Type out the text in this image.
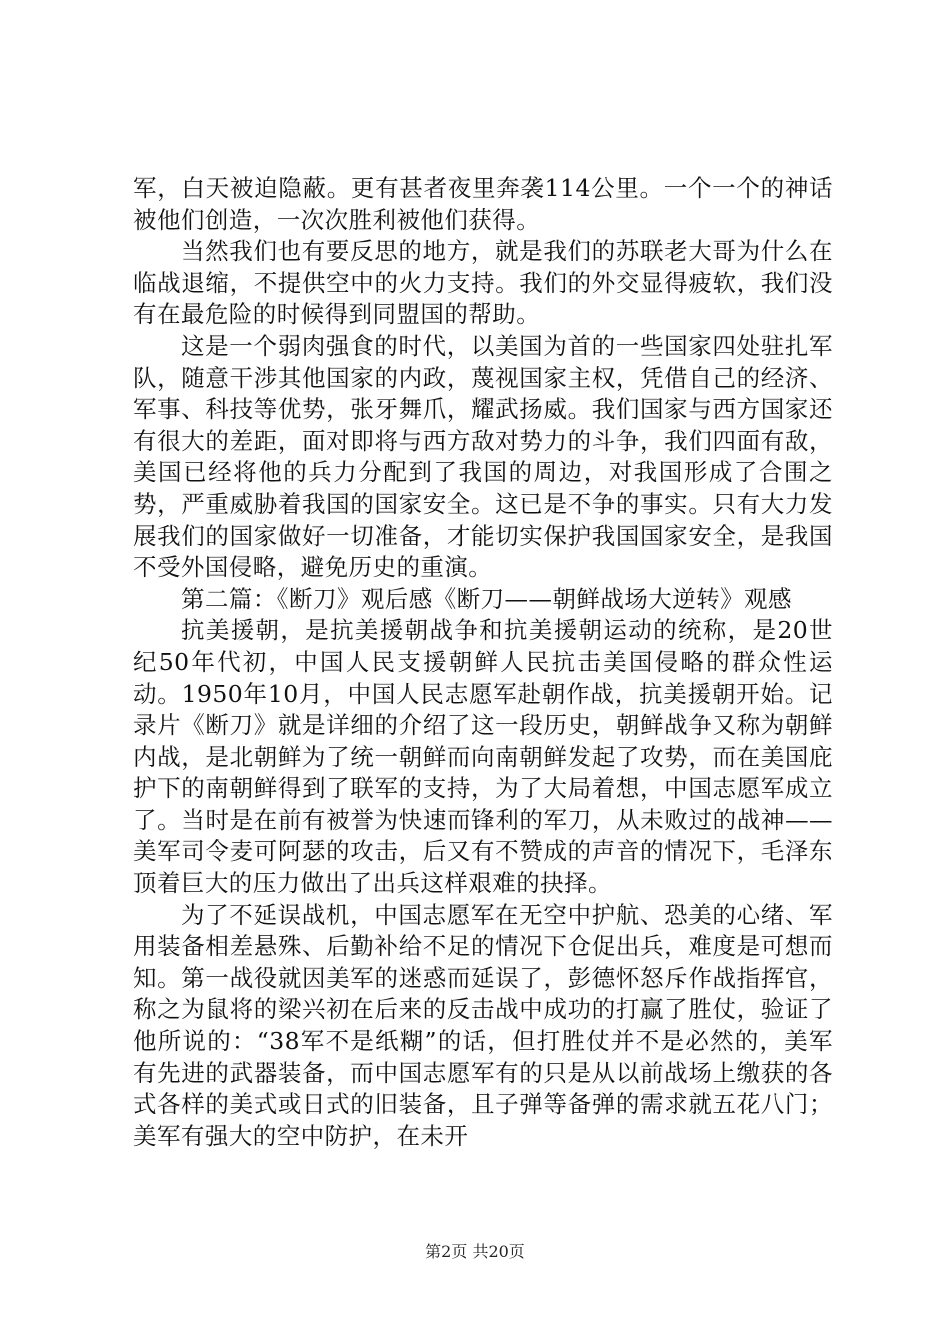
军，白天被迫隐蔽。更有甚者夜里奔袭114公里。一个一个的神话被他们创造，一次次胜利被他们获得。

当然我们也有要反思的地方，就是我们的苏联老大哥为什么在临战退缩，不提供空中的火力支持。我们的外交显得疲软，我们没有在最危险的时候得到同盟国的帮助。

这是一个弱肉强食的时代，以美国为首的一些国家四处驻扎军队，随意干涉其他国家的内政，蔑视国家主权，凭借自己的经济、军事、科技等优势，张牙舞爪，耀武扬威。我们国家与西方国家还有很大的差距，面对即将与西方敌对势力的斗争，我们四面有敌，美国已经将他的兵力分配到了我国的周边，对我国形成了合围之势，严重威胁着我国的国家安全。这已是不争的事实。只有大力发展我们的国家做好一切准备，才能切实保护我国国家安全，是我国不受外国侵略，避免历史的重演。

第二篇：《断刀》观后感《断刀——朝鲜战场大逆转》观感

抗美援朝，是抗美援朝战争和抗美援朝运动的统称，是20世纪50年代初，中国人民支援朝鲜人民抗击美国侵略的群众性运动。1950年10月，中国人民志愿军赴朝作战，抗美援朝开始。记录片《断刀》就是详细的介绍了这一段历史，朝鲜战争又称为朝鲜内战，是北朝鲜为了统一朝鲜而向南朝鲜发起了攻势，而在美国庇护下的南朝鲜得到了联军的支持，为了大局着想，中国志愿军成立了。当时是在前有被誉为快速而锋利的军刀，从未败过的战神——美军司令麦可阿瑟的攻击，后又有不赞成的声音的情况下，毛泽东顶着巨大的压力做出了出兵这样艰难的抉择。

为了不延误战机，中国志愿军在无空中护航、恐美的心绪、军用装备相差悬殊、后勤补给不足的情况下仓促出兵，难度是可想而知。第一战役就因美军的迷惑而延误了，彭德怀怒斥作战指挥官，称之为鼠将的梁兴初在后来的反击战中成功的打赢了胜仗，验证了他所说的：“38军不是纸糊”的话，但打胜仗并不是必然的，美军有先进的武器装备，而中国志愿军有的只是从以前战场上缴获的各式各样的美式或日式的旧装备，且子弹等备弹的需求就五花八门；美军有强大的空中防护，在未开

第2页 共20页
